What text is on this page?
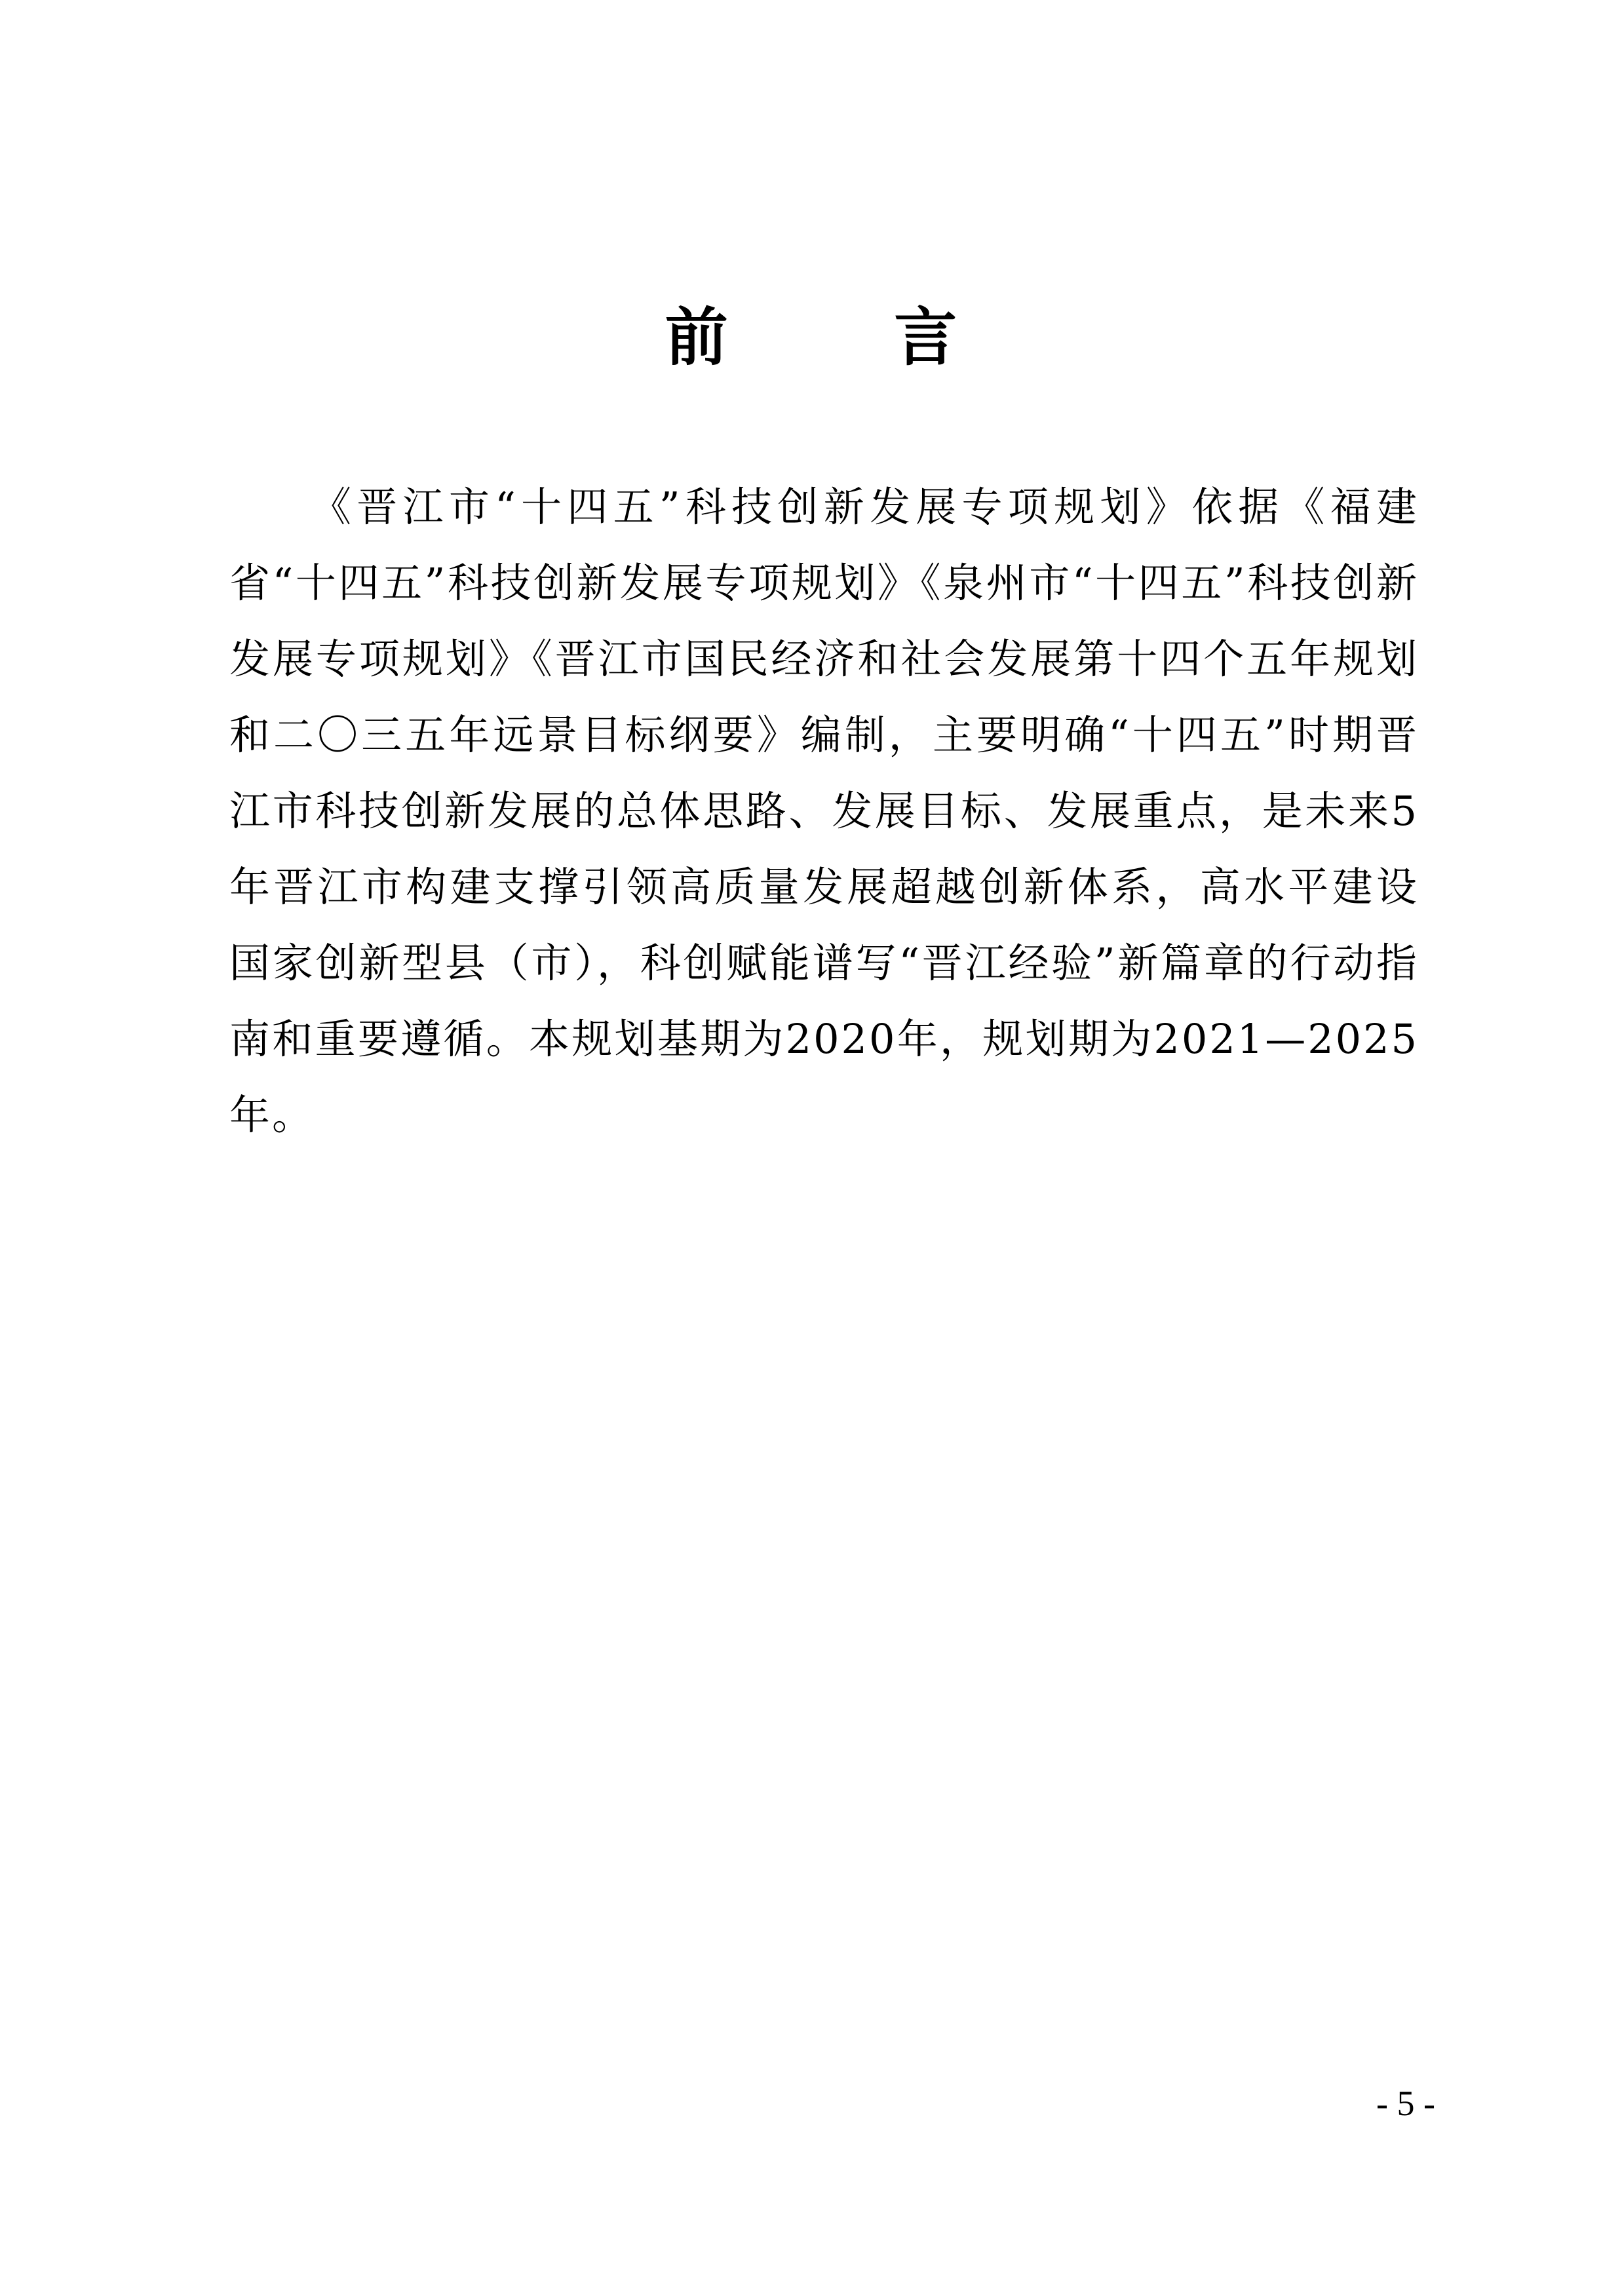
前 言

《晋江市“十四五”科技创新发展专项规划》依据《福建省“十四五”科技创新发展专项规划》《泉州市“十四五”科技创新发展专项规划》《晋江市国民经济和社会发展第十四个五年规划和二〇三五年远景目标纲要》编制，主要明确“十四五”时期晋江市科技创新发展的总体思路、发展目标、发展重点，是未来5年晋江市构建支撑引领高质量发展超越创新体系，高水平建设国家创新型县（市），科创赋能谱写“晋江经验”新篇章的行动指南和重要遵循。本规划基期为2020年，规划期为2021—2025年。

- 5 -
